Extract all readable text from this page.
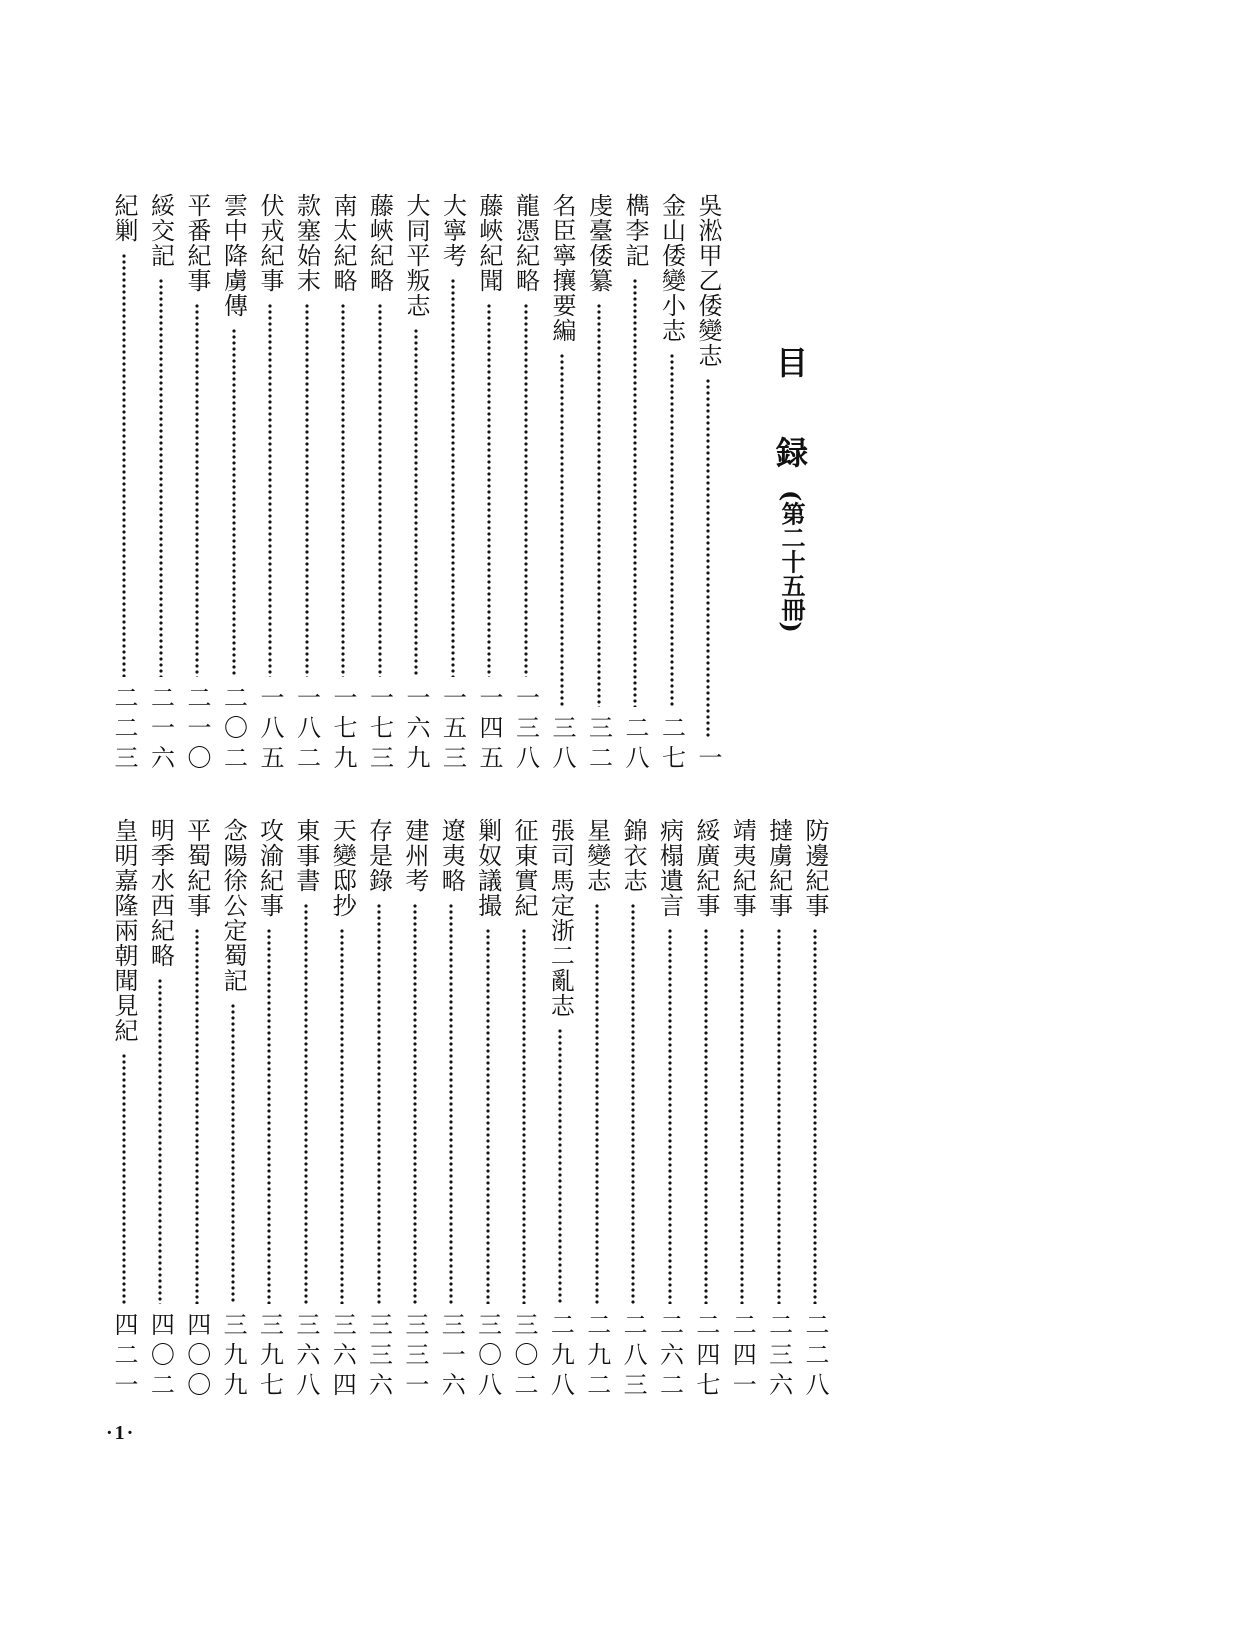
目
録
(第二十五冊)
吳淞甲乙倭變志
一
金山倭變小志
二七
檇李記
二八
虔臺倭纂
三二
名臣寧攘要編
三八
龍憑紀略
一三八
藤峽紀聞
一四五
大寧考
一五三
大同平叛志
一六九
藤峽紀略
一七三
南太紀略
一七九
款塞始末
一八二
伏戎紀事
一八五
雲中降虜傳
二〇二
平番紀事
二一〇
綏交記
二一六
紀剿
二二三
防邊紀事
二二八
撻虜紀事
二三六
靖夷紀事
二四一
綏廣紀事
二四七
病榻遺言
二六二
錦衣志
二八三
星變志
二九二
張司馬定浙二亂志
二九八
征東實紀
三〇二
剿奴議撮
三〇八
遼夷略
三一六
建州考
三三一
存是錄
三三六
天變邸抄
三六四
東事書
三六八
攻渝紀事
三九七
念陽徐公定蜀記
三九九
平蜀紀事
四〇〇
明季水西紀略
四〇二
皇明嘉隆兩朝聞見紀
四二一
·1·
